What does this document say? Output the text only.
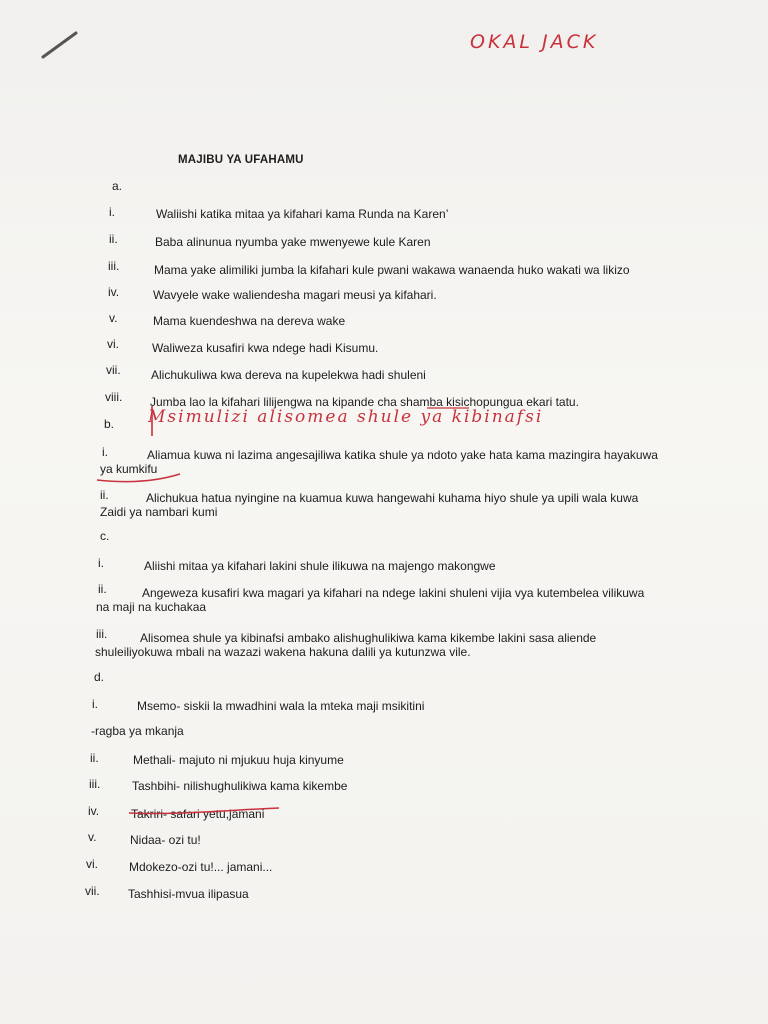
OKAL JACK
MAJIBU YA UFAHAMU
a.
i.	Waliishi katika mitaa ya kifahari kama Runda na Karen’
ii.	Baba alinunua nyumba yake mwenyewe kule Karen
iii.	Mama yake alimiliki jumba la kifahari kule pwani wakawa wanaenda huko wakati wa likizo
iv.	Wavyele wake waliendesha magari meusi ya kifahari.
v.	Mama kuendeshwa na dereva wake
vi.	Waliweza kusafiri kwa ndege hadi Kisumu.
vii.	Alichukuliwa kwa dereva na kupelekwa hadi shuleni
viii. Jumba lao la kifahari lilijengwa na kipande cha shamba kisichopungua ekari tatu.
b. Msimulizi alisomea shule ya kibinafsi
i.	Aliamua kuwa ni lazima angesajiliwa katika shule ya ndoto yake hata kama mazingira hayakuwa
ya kumkifu
ii.	Alichukua hatua nyingine na kuamua kuwa hangewahi kuhama hiyo shule ya upili wala kuwa
Zaidi ya nambari kumi
c.
i.	Aliishi mitaa ya kifahari lakini shule ilikuwa na majengo makongwe
ii.	Angeweza kusafiri kwa magari ya kifahari na ndege lakini shuleni vijia vya kutembelea vilikuwa
na maji na kuchakaa
iii.	Alisomea shule ya kibinafsi ambako alishughulikiwa kama kikembe lakini sasa aliende
shuleiliyokuwa mbali na wazazi wakena hakuna dalili ya kutunzwa vile.
d.
i.	Msemo- siskii la mwadhini wala la mteka maji msikitini
-ragba ya mkanja
ii.	Methali- majuto ni mjukuu huja kinyume
iii.	Tashbihi- nilishughulikiwa kama kikembe
iv.	Takriri- safari yetu,jamani
v.	Nidaa- ozi tu!
vi.	Mdokezo-ozi tu!... jamani...
vii. Tashhisi-mvua ilipasua
